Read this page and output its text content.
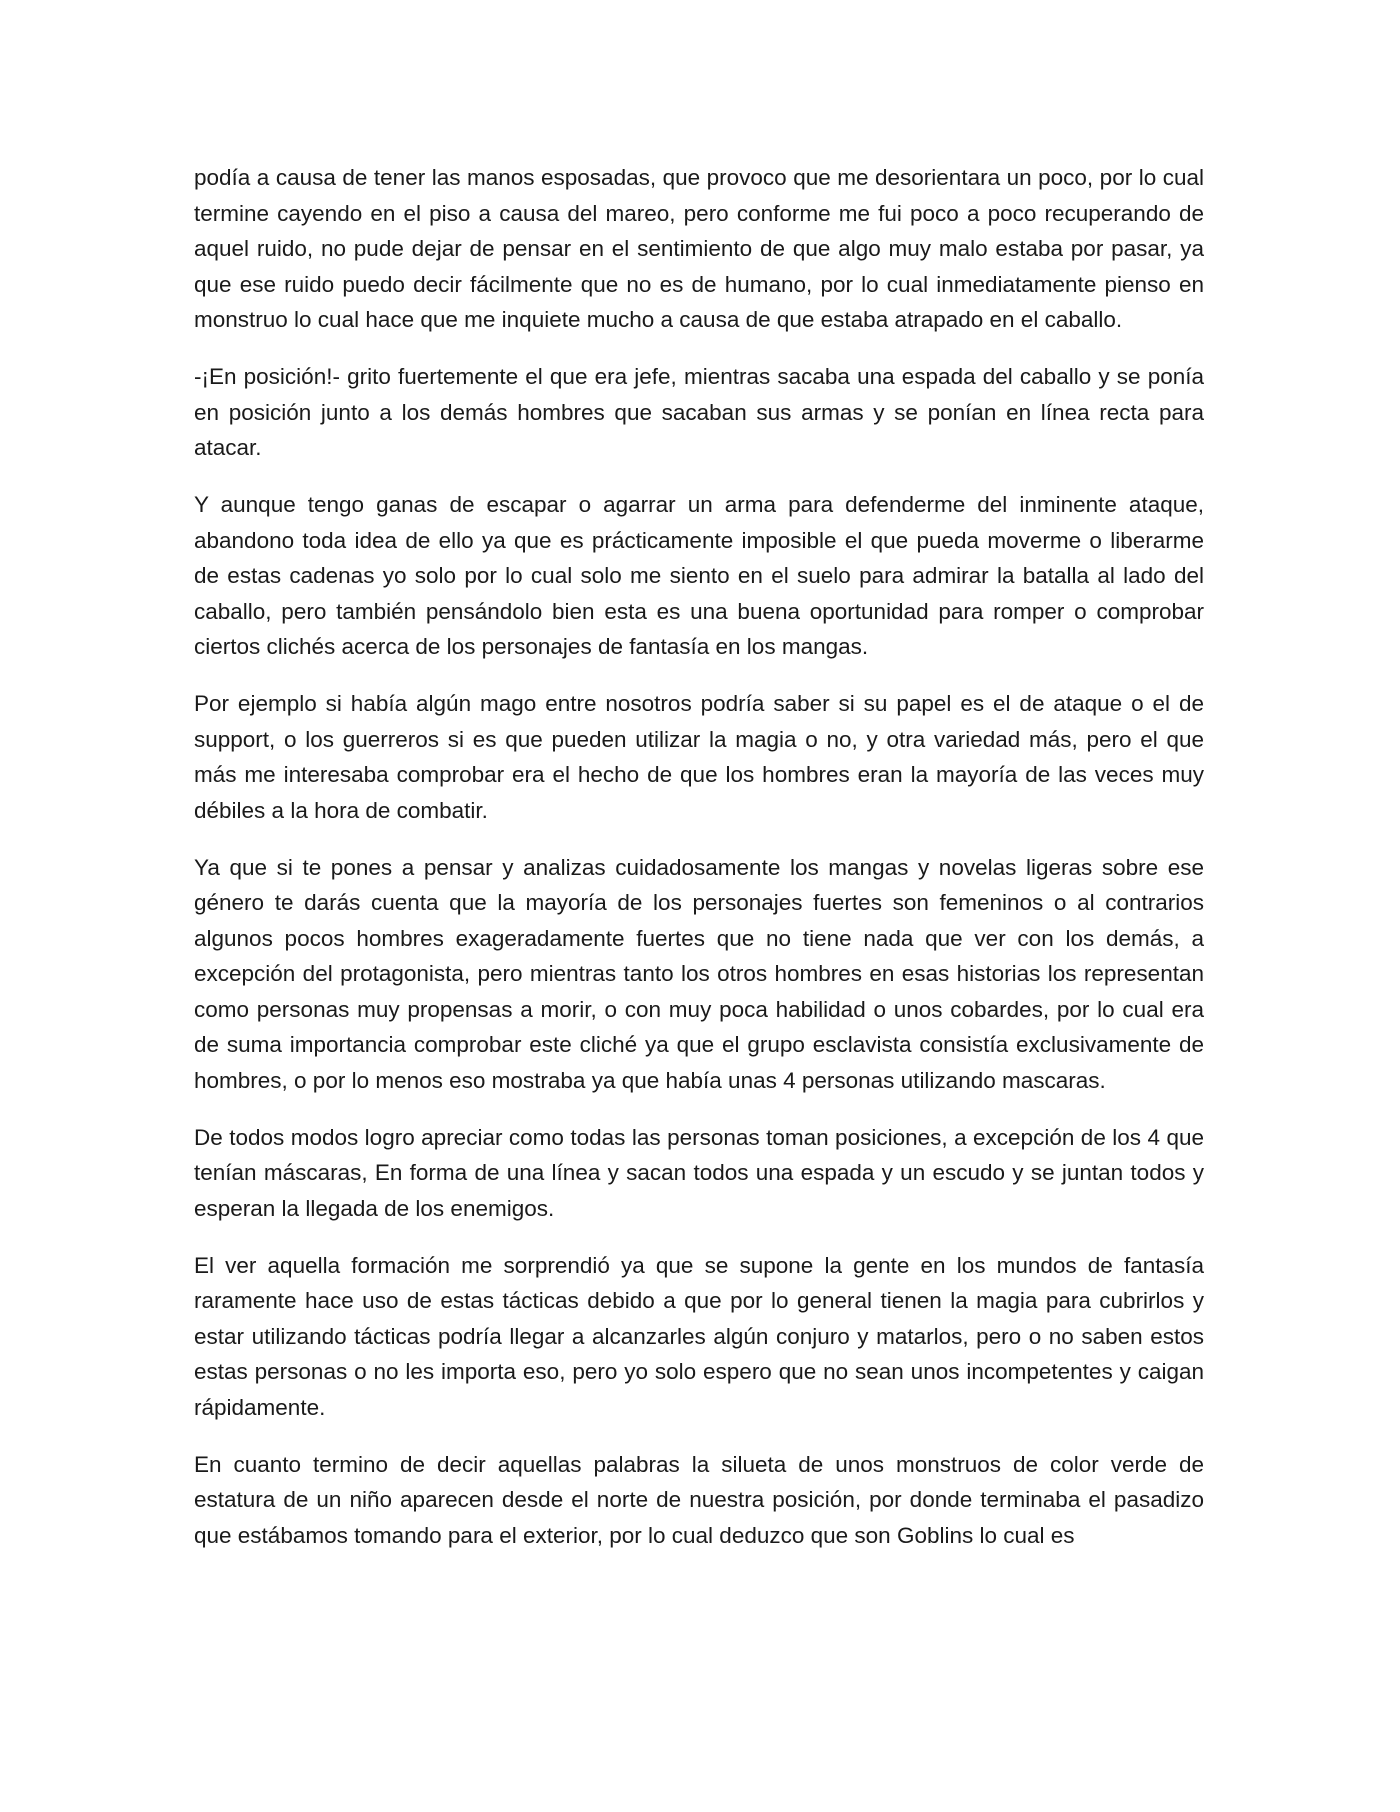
podía a causa de tener las manos esposadas, que provoco que me desorientara un poco, por lo cual termine cayendo en el piso a causa del mareo, pero conforme me fui poco a poco recuperando de aquel ruido, no pude dejar de pensar en el sentimiento de que algo muy malo estaba por pasar, ya que ese ruido puedo decir fácilmente que no es de humano, por lo cual inmediatamente pienso en monstruo lo cual hace que me inquiete mucho a causa de que estaba atrapado en el caballo.

-¡En posición!- grito fuertemente el que era jefe, mientras sacaba una espada del caballo y se ponía en posición junto a los demás hombres que sacaban sus armas y se ponían en línea recta para atacar.

Y aunque tengo ganas de escapar o agarrar un arma para defenderme del inminente ataque, abandono toda idea de ello ya que es prácticamente imposible el que pueda moverme o liberarme de estas cadenas yo solo por lo cual solo me siento en el suelo para admirar la batalla al lado del caballo, pero también pensándolo bien esta es una buena oportunidad para romper o comprobar ciertos clichés acerca de los personajes de fantasía en los mangas.

Por ejemplo si había algún mago entre nosotros podría saber si su papel es el de ataque o el de support, o los guerreros si es que pueden utilizar la magia o no, y otra variedad más, pero el que más me interesaba comprobar era el hecho de que los hombres eran la mayoría de las veces muy débiles a la hora de combatir.

Ya que si te pones a pensar y analizas cuidadosamente los mangas y novelas ligeras sobre ese género te darás cuenta que la mayoría de los personajes fuertes son femeninos o al contrarios algunos pocos hombres exageradamente fuertes que no tiene nada que ver con los demás, a excepción del protagonista, pero mientras tanto los otros hombres en esas historias los representan como personas muy propensas a morir, o con muy poca habilidad o unos cobardes, por lo cual era de suma importancia comprobar este cliché ya que el grupo esclavista consistía exclusivamente de hombres, o por lo menos eso mostraba ya que había unas 4 personas utilizando mascaras.

De todos modos logro apreciar como todas las personas toman posiciones, a excepción de los 4 que tenían máscaras, En forma de una línea y sacan todos una espada y un escudo y se juntan todos y esperan la llegada de los enemigos.

El ver aquella formación me sorprendió ya que se supone la gente en los mundos de fantasía raramente hace uso de estas tácticas debido a que por lo general tienen la magia para cubrirlos y estar utilizando tácticas podría llegar a alcanzarles algún conjuro y matarlos, pero o no saben estos estas personas o no les importa eso, pero yo solo espero que no sean unos incompetentes y caigan rápidamente.

En cuanto termino de decir aquellas palabras la silueta de unos monstruos de color verde de estatura de un niño aparecen desde el norte de nuestra posición, por donde terminaba el pasadizo que estábamos tomando para el exterior, por lo cual deduzco que son Goblins lo cual es
